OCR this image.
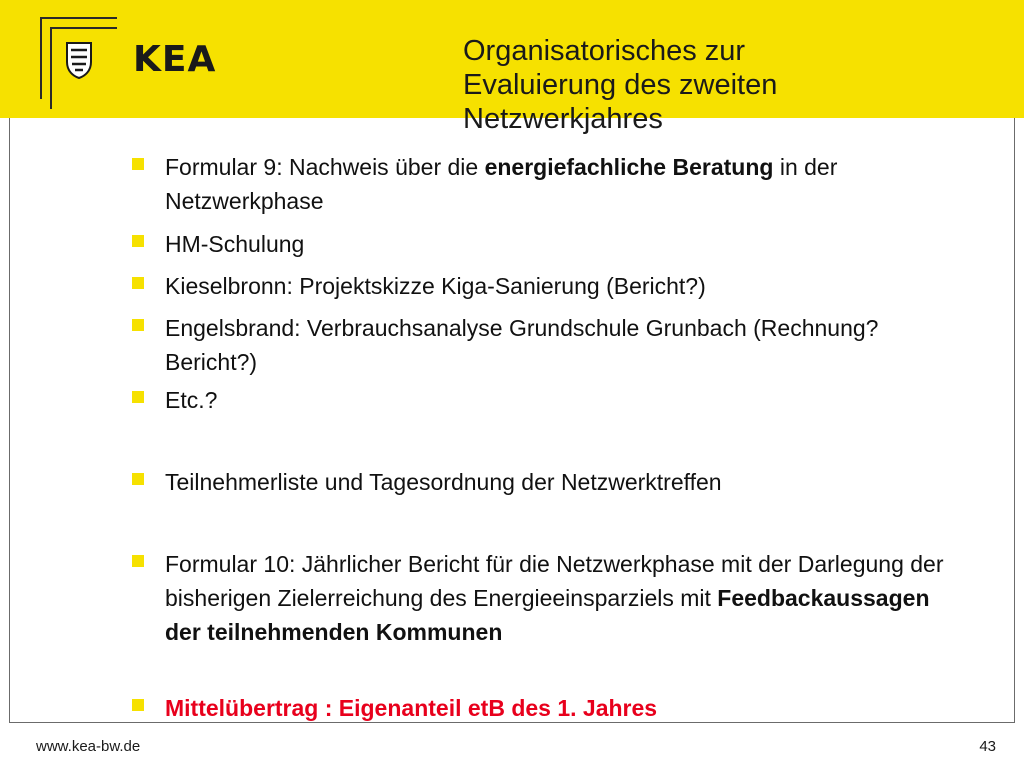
KEA	Organisatorisches zur Evaluierung des zweiten Netzwerkjahres
Formular 9: Nachweis über die energiefachliche Beratung in der Netzwerkphase
HM-Schulung
Kieselbronn: Projektskizze Kiga-Sanierung (Bericht?)
Engelsbrand: Verbrauchsanalyse Grundschule Grunbach (Rechnung? Bericht?)
Etc.?
Teilnehmerliste und Tagesordnung der Netzwerktreffen
Formular 10: Jährlicher Bericht für die Netzwerkphase mit der Darlegung der bisherigen Zielerreichung des Energieeinsparziels mit Feedbackaussagen der teilnehmenden Kommunen
Mittelübertrag : Eigenanteil etB des 1. Jahres
www.kea-bw.de	43
